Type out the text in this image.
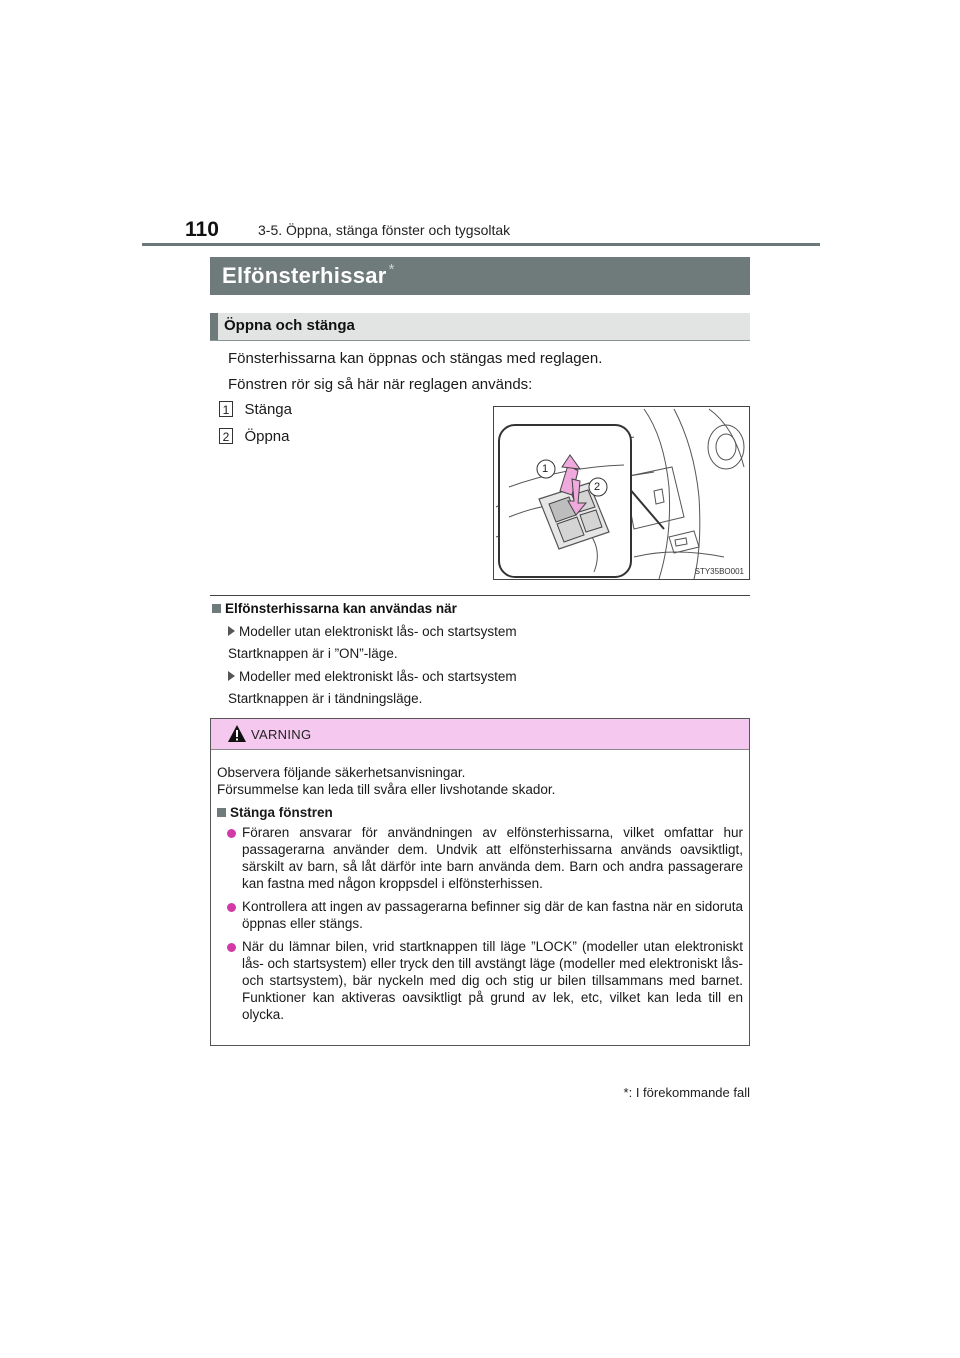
110	3-5. Öppna, stänga fönster och tygsoltak
Elfönsterhissar *
Öppna och stänga
Fönsterhissarna kan öppnas och stängas med reglagen.
Fönstren rör sig så här när reglagen används:
1 Stänga
2 Öppna
1
2
STY35BO001
Elfönsterhissarna kan användas när
Modeller utan elektroniskt lås- och startsystem
Startknappen är i ”ON”-läge.
Modeller med elektroniskt lås- och startsystem
Startknappen är i tändningsläge.
VARNING
Observera följande säkerhetsanvisningar.
Försummelse kan leda till svåra eller livshotande skador.
Stänga fönstren
Föraren ansvarar för användningen av elfönsterhissarna, vilket omfattar hur passagerarna använder dem. Undvik att elfönsterhissarna används oavsiktligt, särskilt av barn, så låt därför inte barn använda dem. Barn och andra passagerare kan fastna med någon kroppsdel i elfönsterhissen.
Kontrollera att ingen av passagerarna befinner sig där de kan fastna när en sidoruta öppnas eller stängs.
När du lämnar bilen, vrid startknappen till läge ”LOCK” (modeller utan elektroniskt lås- och startsystem) eller tryck den till avstängt läge (modeller med elektroniskt lås- och startsystem), bär nyckeln med dig och stig ur bilen tillsammans med barnet. Funktioner kan aktiveras oavsiktligt på grund av lek, etc, vilket kan leda till en olycka.
*: I förekommande fall
